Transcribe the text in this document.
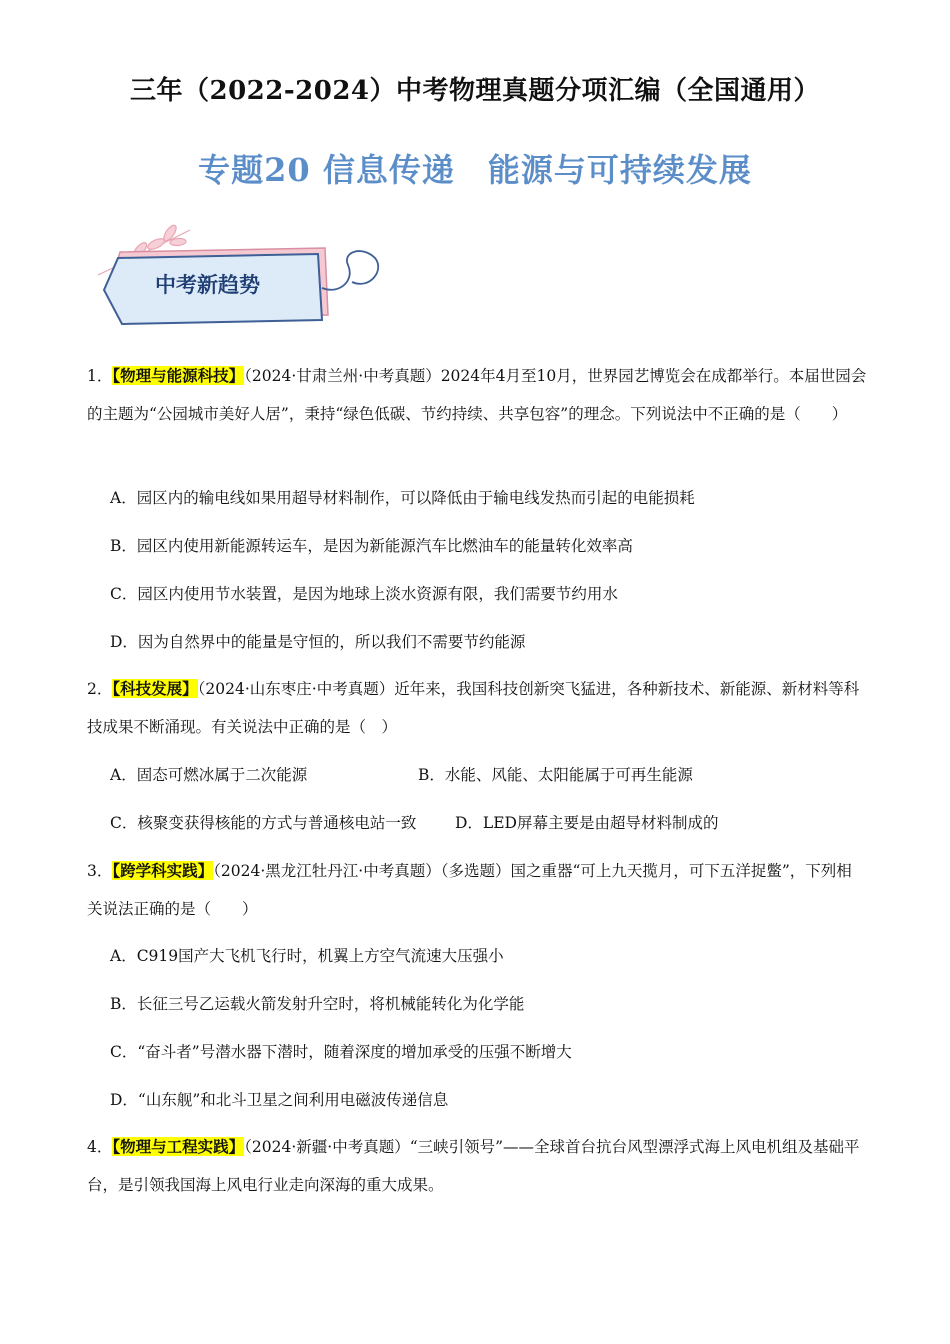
三年（2022-2024）中考物理真题分项汇编（全国通用）
专题20 信息传递　能源与可持续发展
中考新趋势
1．【物理与能源科技】（2024·甘肃兰州·中考真题）2024年4月至10月，世界园艺博览会在成都举行。本届世园会的主题为“公园城市美好人居”，秉持“绿色低碳、节约持续、共享包容”的理念。下列说法中不正确的是（　　）
A．园区内的输电线如果用超导材料制作，可以降低由于输电线发热而引起的电能损耗
B．园区内使用新能源转运车，是因为新能源汽车比燃油车的能量转化效率高
C．园区内使用节水装置，是因为地球上淡水资源有限，我们需要节约用水
D．因为自然界中的能量是守恒的，所以我们不需要节约能源
2．【科技发展】（2024·山东枣庄·中考真题）近年来，我国科技创新突飞猛进，各种新技术、新能源、新材料等科技成果不断涌现。有关说法中正确的是（　）
A．固态可燃冰属于二次能源	B．水能、风能、太阳能属于可再生能源
C．核聚变获得核能的方式与普通核电站一致 D．LED屏幕主要是由超导材料制成的
3．【跨学科实践】（2024·黑龙江牡丹江·中考真题）（多选题）国之重器“可上九天揽月，可下五洋捉鳖”，下列相关说法正确的是（　　）
A．C919国产大飞机飞行时，机翼上方空气流速大压强小
B．长征三号乙运载火箭发射升空时，将机械能转化为化学能
C．“奋斗者”号潜水器下潜时，随着深度的增加承受的压强不断增大
D．“山东舰”和北斗卫星之间利用电磁波传递信息
4．【物理与工程实践】（2024·新疆·中考真题）“三峡引领号”——全球首台抗台风型漂浮式海上风电机组及基础平台，是引领我国海上风电行业走向深海的重大成果。
